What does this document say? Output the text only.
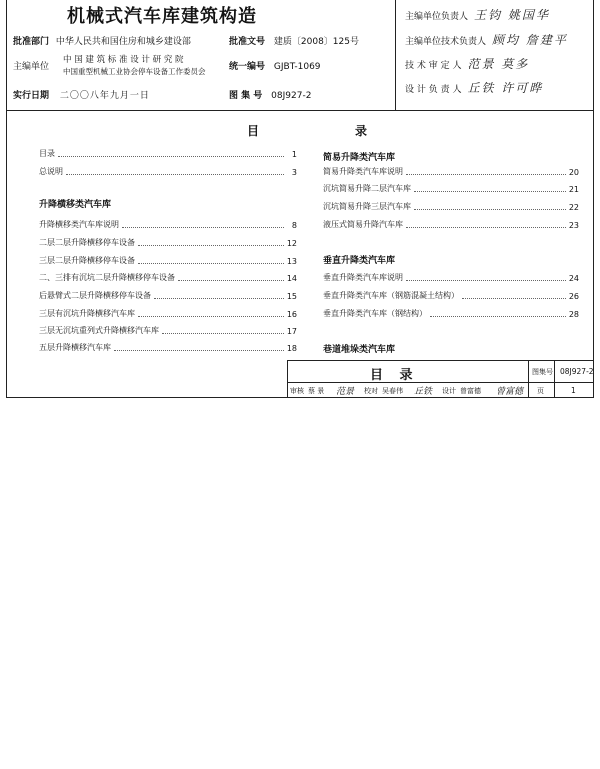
机械式汽车库建筑构造
批准部门 中华人民共和国住房和城乡建设部	批准文号 建质〔2008〕125号
主编单位
中 国 建 筑 标 准 设 计 研 究 院
中国重型机械工业协会停车设备工作委员会	统一编号 GJBT-1069
实行日期 二〇〇八年九月一日	图 集 号 08J927-2
主编单位负责人 王钧 姚国华
主编单位技术负责人 顾均 詹建平
技 术 审 定 人 范景 莫多
设 计 负 责 人 丘铁 许可晔
目	录
目录	1
总说明	3
升降横移类汽车库
升降横移类汽车库说明	8
二层二层升降横移停车设备	12
三层二层升降横移停车设备	13
二、三排有沉坑二层升降横移停车设备	14
后悬臂式二层升降横移停车设备	15
三层有沉坑升降横移汽车库	16
三层无沉坑重列式升降横移汽车库	17
五层升降横移汽车库	18
简易升降类汽车库
简易升降类汽车库说明	20
沉坑简易升降二层汽车库	21
沉坑简易升降三层汽车库	22
液压式简易升降汽车库	23
垂直升降类汽车库
垂直升降类汽车库说明	24
垂直升降类汽车库（钢筋混凝土结构）	26
垂直升降类汽车库（钢结构）	28
巷道堆垛类汽车库
目 录	图集号 08J927-2
审核 蔡 景 范景 校对 吴春伟 丘铁 设计 曾富德 曾富德 页	1
